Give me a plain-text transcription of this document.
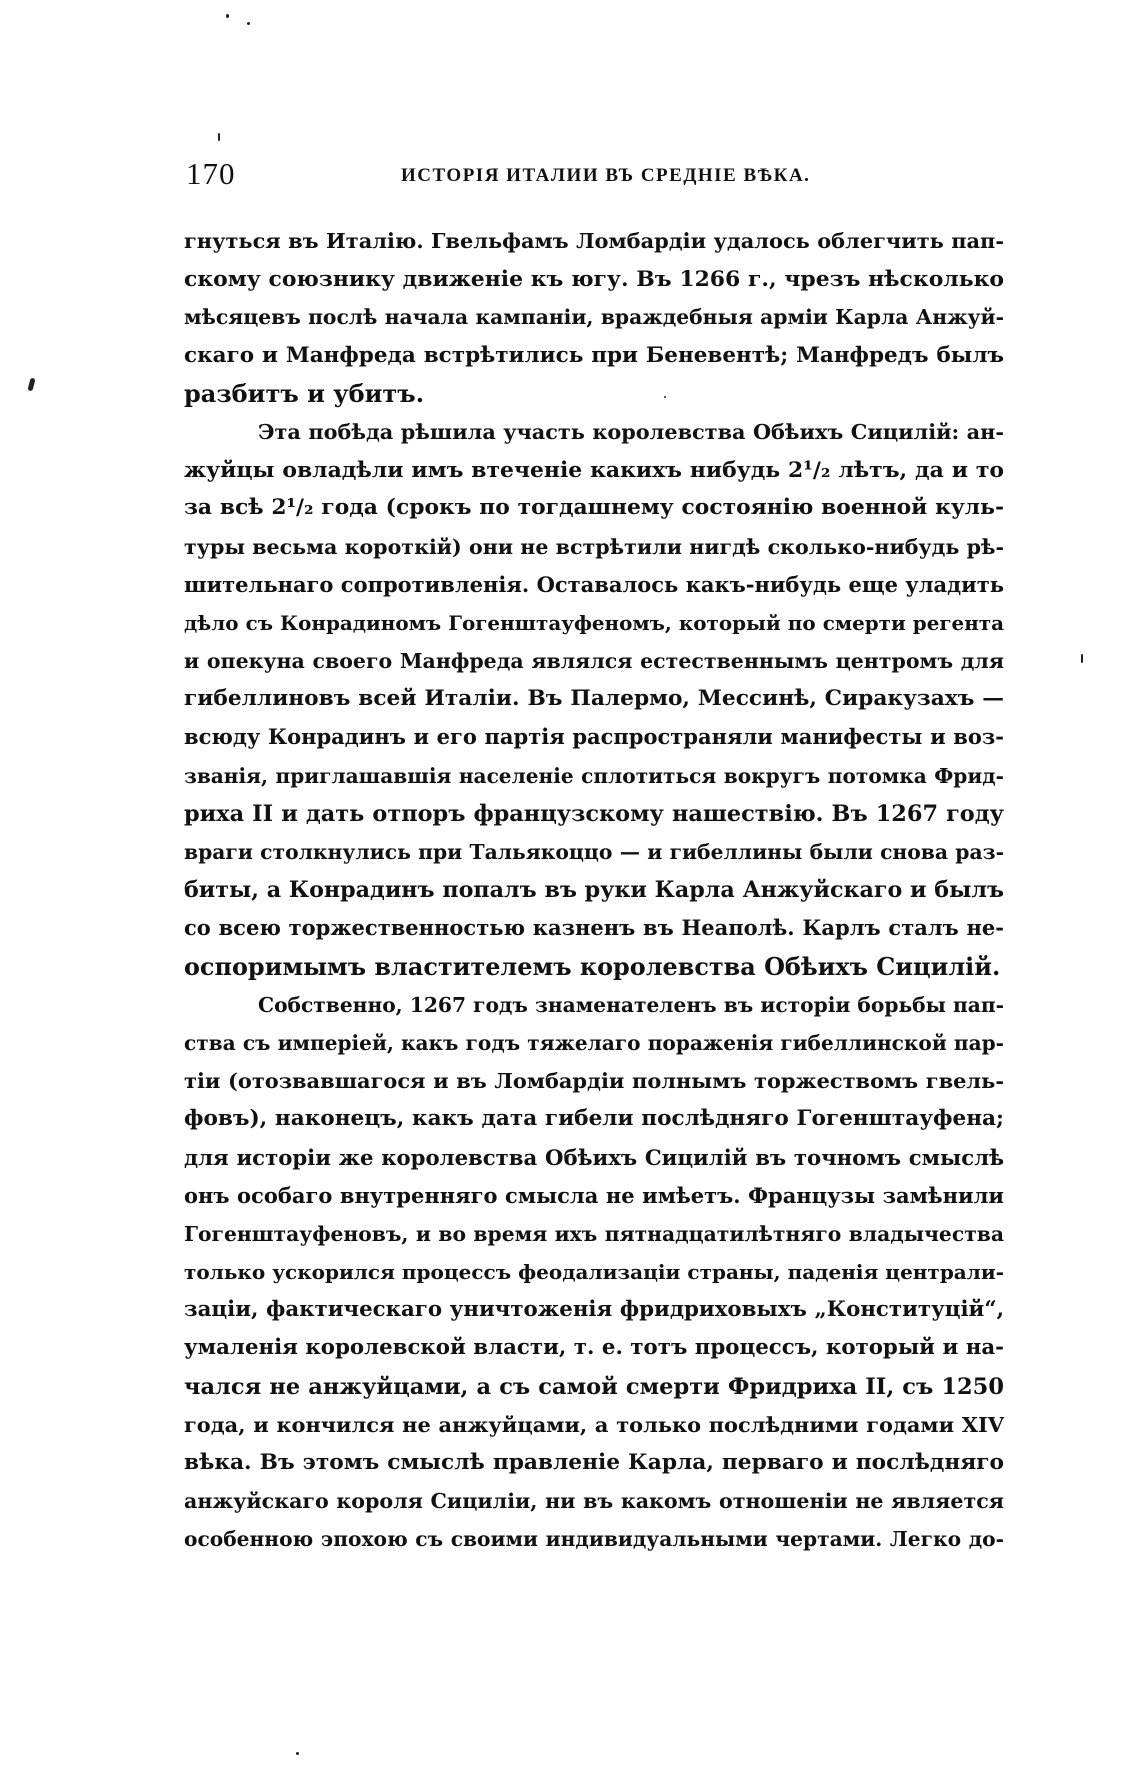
170	ИСТОРІЯ ИТАЛИИ ВЪ СРЕДНІЕ ВѢКА.
гнуться въ Италію. Гвельфамъ Ломбардіи удалось облегчить пап-
скому союзнику движеніе къ югу. Въ 1266 г., чрезъ нѣсколько
мѣсяцевъ послѣ начала кампаніи, враждебныя арміи Карла Анжуй-
скаго и Манфреда встрѣтились при Беневентѣ; Манфредъ былъ
разбитъ и убитъ.
Эта побѣда рѣшила участь королевства Обѣихъ Сицилій: ан-
жуйцы овладѣли имъ втеченіе какихъ нибудь 2¹/₂ лѣтъ, да и то
за всѣ 2¹/₂ года (срокъ по тогдашнему состоянію военной куль-
туры весьма короткій) они не встрѣтили нигдѣ сколько-нибудь рѣ-
шительнаго сопротивленія. Оставалось какъ-нибудь еще уладить
дѣло съ Конрадиномъ Гогенштауфеномъ, который по смерти регента
и опекуна своего Манфреда являлся естественнымъ центромъ для
гибеллиновъ всей Италіи. Въ Палермо, Мессинѣ, Сиракузахъ —
всюду Конрадинъ и его партія распространяли манифесты и воз-
званія, приглашавшія населеніе сплотиться вокругъ потомка Фрид-
риха II и дать отпоръ французскому нашествію. Въ 1267 году
враги столкнулись при Тальякоццо — и гибеллины были снова раз-
биты, а Конрадинъ попалъ въ руки Карла Анжуйскаго и былъ
со всею торжественностью казненъ въ Неаполѣ. Карлъ сталъ не-
оспоримымъ властителемъ королевства Обѣихъ Сицилій.
Собственно, 1267 годъ знаменателенъ въ исторіи борьбы пап-
ства съ имперіей, какъ годъ тяжелаго пораженія гибеллинской пар-
тіи (отозвавшагося и въ Ломбардіи полнымъ торжествомъ гвель-
фовъ), наконецъ, какъ дата гибели послѣдняго Гогенштауфена;
для исторіи же королевства Обѣихъ Сицилій въ точномъ смыслѣ
онъ особаго внутренняго смысла не имѣетъ. Французы замѣнили
Гогенштауфеновъ, и во время ихъ пятнадцатилѣтняго владычества
только ускорился процессъ феодализаціи страны, паденія централи-
заціи, фактическаго уничтоженія фридриховыхъ „Конституцій“,
умаленія королевской власти, т. е. тотъ процессъ, который и на-
чался не анжуйцами, а съ самой смерти Фридриха II, съ 1250
года, и кончился не анжуйцами, а только послѣдними годами XIV
вѣка. Въ этомъ смыслѣ правленіе Карла, перваго и послѣдняго
анжуйскаго короля Сициліи, ни въ какомъ отношеніи не является
особенною эпохою съ своими индивидуальными чертами. Легко до-
